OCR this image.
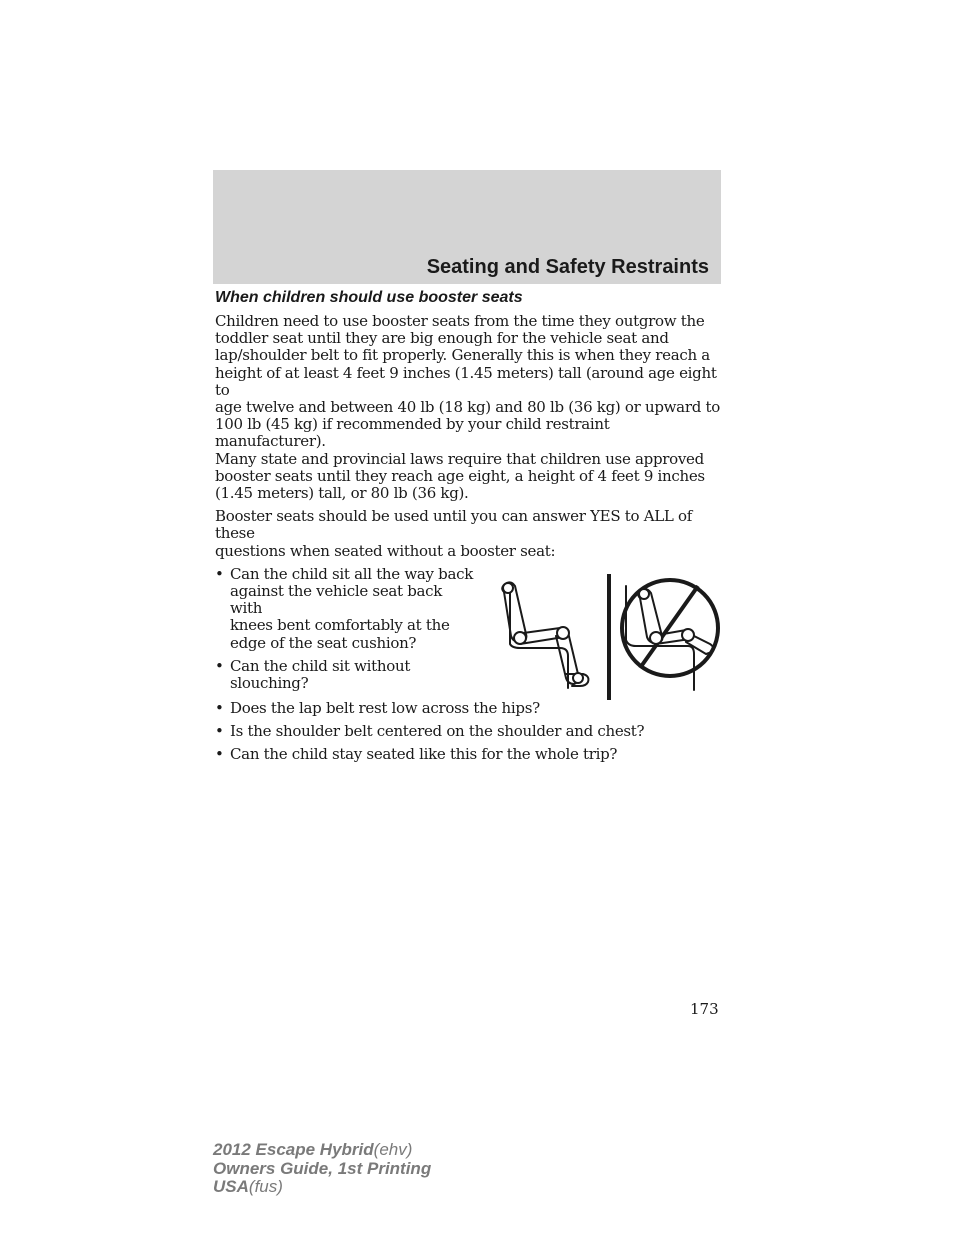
Seating and Safety Restraints
When children should use booster seats
Children need to use booster seats from the time they outgrow the
toddler seat until they are big enough for the vehicle seat and
lap/shoulder belt to fit properly. Generally this is when they reach a
height of at least 4 feet 9 inches (1.45 meters) tall (around age eight to
age twelve and between 40 lb (18 kg) and 80 lb (36 kg) or upward to
100 lb (45 kg) if recommended by your child restraint manufacturer).
Many state and provincial laws require that children use approved
booster seats until they reach age eight, a height of 4 feet 9 inches
(1.45 meters) tall, or 80 lb (36 kg).
Booster seats should be used until you can answer YES to ALL of these
questions when seated without a booster seat:
• Can the child sit all the way back
against the vehicle seat back with
knees bent comfortably at the
edge of the seat cushion?
• Can the child sit without
slouching?
• Does the lap belt rest low across the hips?
• Is the shoulder belt centered on the shoulder and chest?
• Can the child stay seated like this for the whole trip?
173
2012 Escape Hybrid(ehv)
Owners Guide, 1st Printing
USA(fus)
